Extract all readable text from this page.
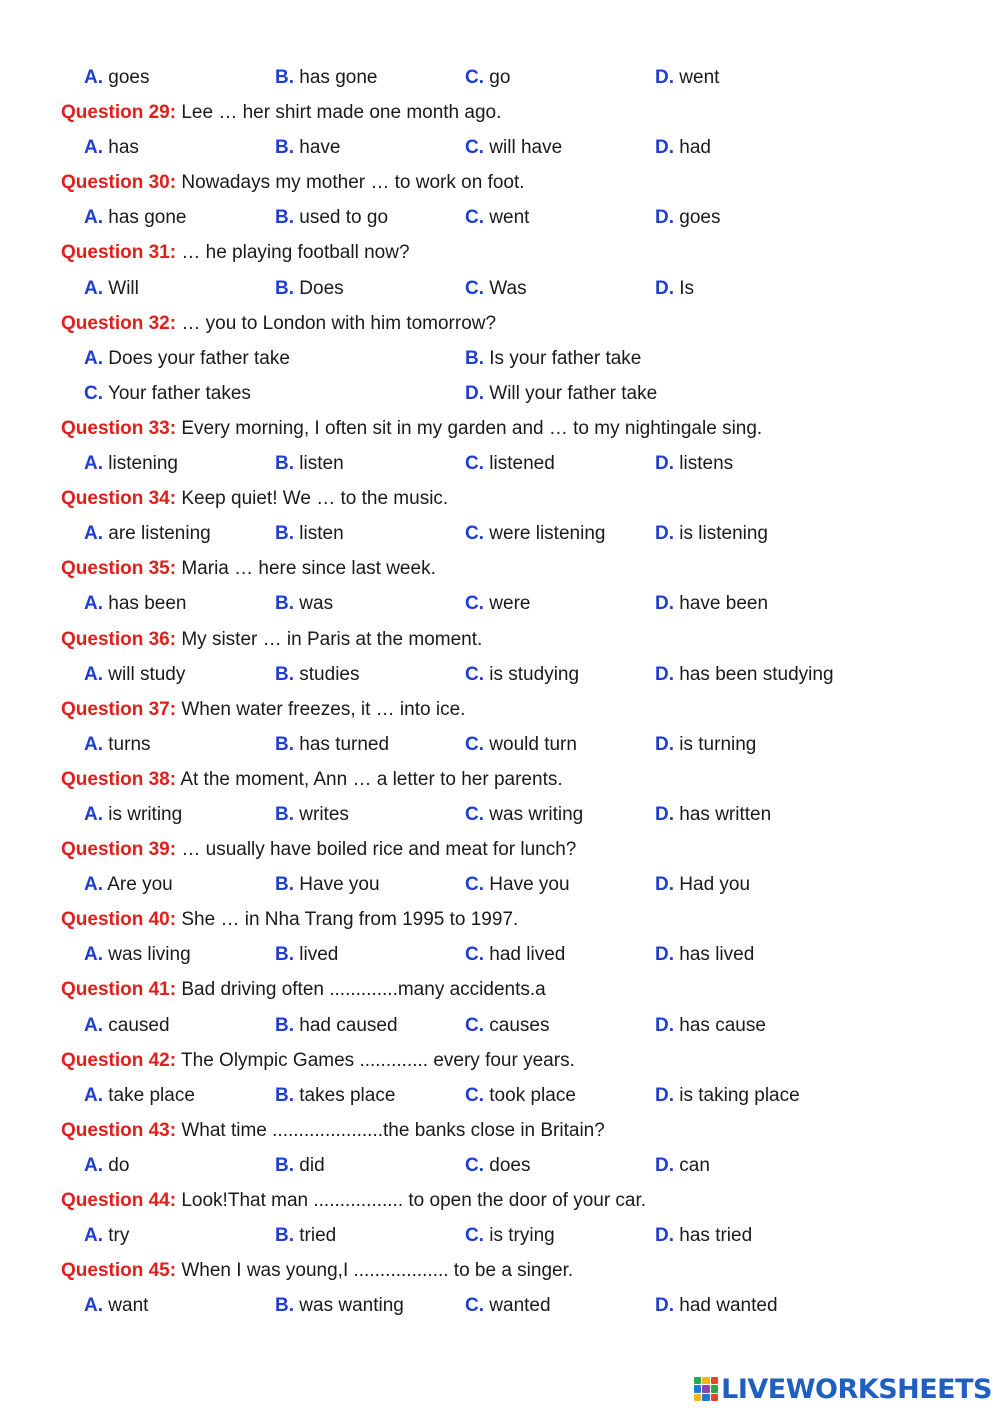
A. goes	B. has gone	C. go	D. went
Question 29: Lee … her shirt made one month ago.
A. has	B. have	C. will have	D. had
Question 30: Nowadays my mother … to work on foot.
A. has gone	B. used to go	C. went	D. goes
Question 31: … he playing football now?
A. Will	B. Does	C. Was	D. Is
Question 32: … you to London with him tomorrow?
A. Does your father take	B. Is your father take
C. Your father takes	D. Will your father take
Question 33: Every morning, I often sit in my garden and … to my nightingale sing.
A. listening	B. listen	C. listened	D. listens
Question 34: Keep quiet! We … to the music.
A. are listening	B. listen	C. were listening	D. is listening
Question 35: Maria … here since last week.
A. has been	B. was	C. were	D. have been
Question 36: My sister … in Paris at the moment.
A. will study	B. studies	C. is studying	D. has been studying
Question 37: When water freezes, it … into ice.
A. turns	B. has turned	C. would turn	D. is turning
Question 38: At the moment, Ann … a letter to her parents.
A. is writing	B. writes	C. was writing	D. has written
Question 39: … usually have boiled rice and meat for lunch?
A. Are you	B. Have you	C. Have you	D. Had you
Question 40: She … in Nha Trang from 1995 to 1997.
A. was living	B. lived	C. had lived	D. has lived
Question 41: Bad driving often .............many accidents.a
A. caused	B. had caused	C. causes	D. has cause
Question 42: The Olympic Games ............. every four years.
A. take place	B. takes place	C. took place	D. is taking place
Question 43: What time .....................the banks close in Britain?
A. do	B. did	C. does	D. can
Question 44: Look!That man ................. to open the door of your car.
A. try	B. tried	C. is trying	D. has tried
Question 45: When I was young,I .................. to be a singer.
A. want	B. was wanting	C. wanted	D. had wanted
LIVEWORKSHEETS
